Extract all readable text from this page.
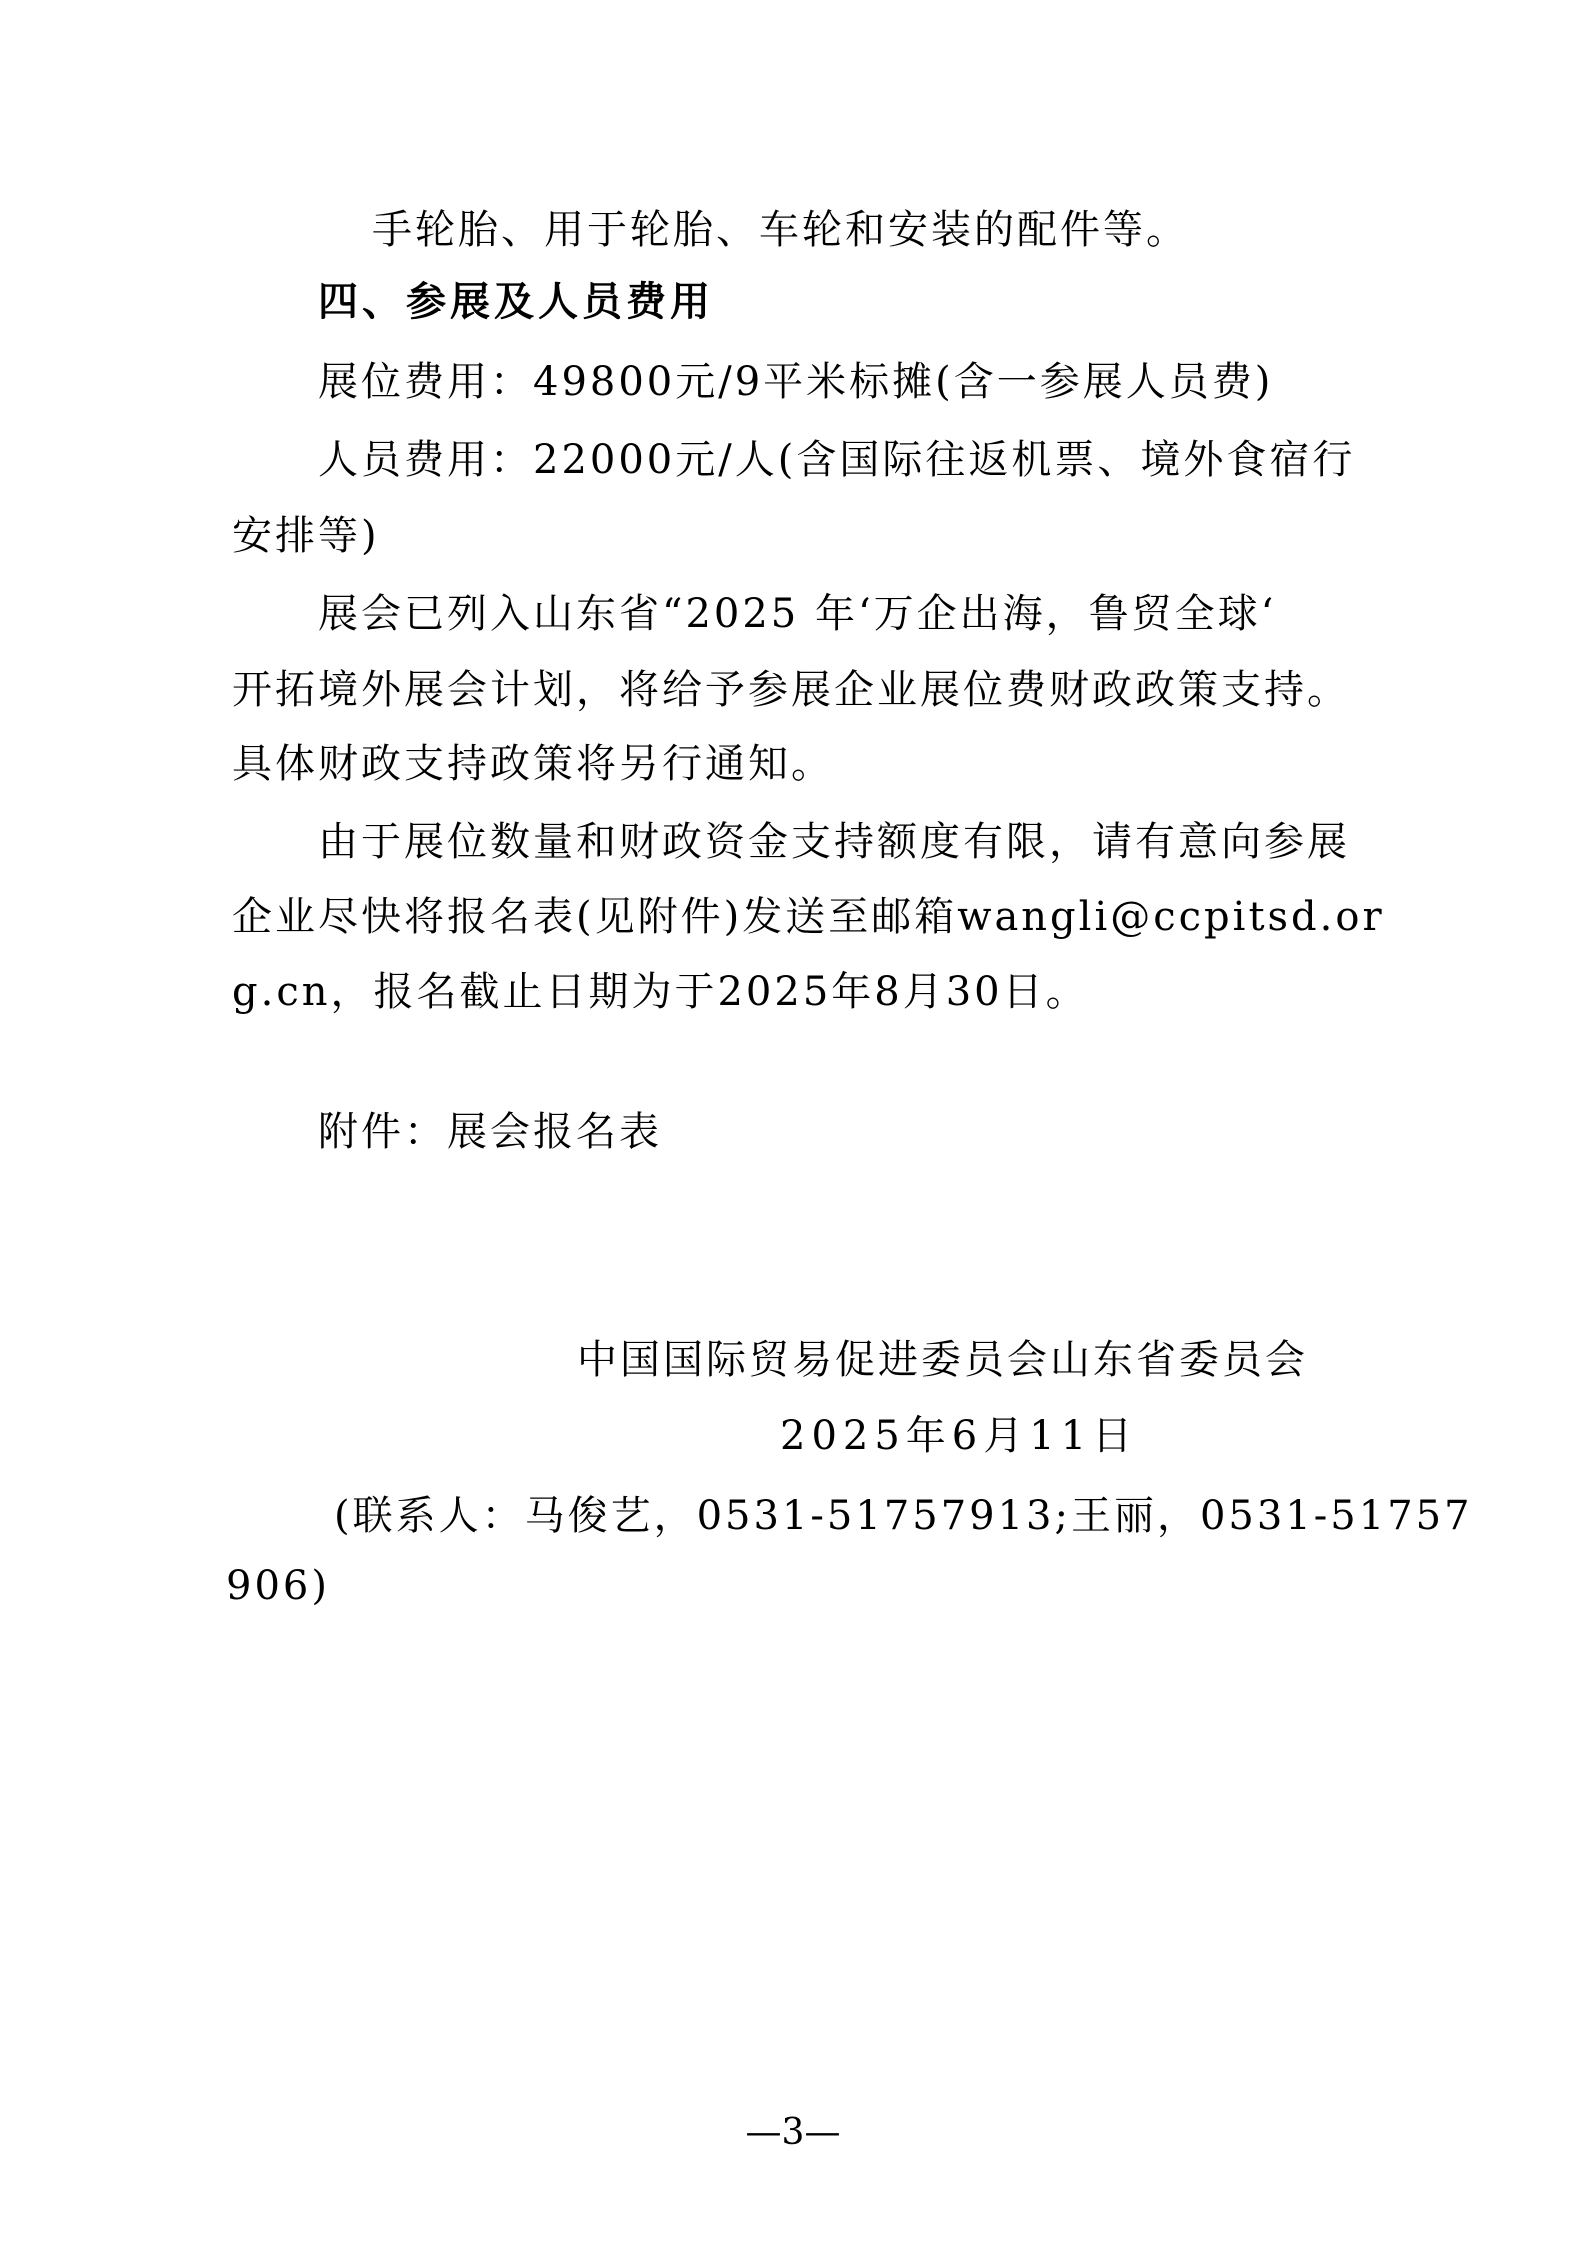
手轮胎、用于轮胎、车轮和安装的配件等。
四、参展及人员费用
展位费用：49800元/9平米标摊(含一参展人员费)
人员费用：22000元/人(含国际往返机票、境外食宿行
安排等)
展会已列入山东省“2025 年‘万企出海，鲁贸全球‘
开拓境外展会计划，将给予参展企业展位费财政政策支持。
具体财政支持政策将另行通知。
由于展位数量和财政资金支持额度有限，请有意向参展
企业尽快将报名表(见附件)发送至邮箱wangli@ccpitsd.or
g.cn，报名截止日期为于2025年8月30日。
附件：展会报名表
中国国际贸易促进委员会山东省委员会
2025年6月11日
(联系人：马俊艺，0531-51757913;王丽，0531-51757
906)
—3—
